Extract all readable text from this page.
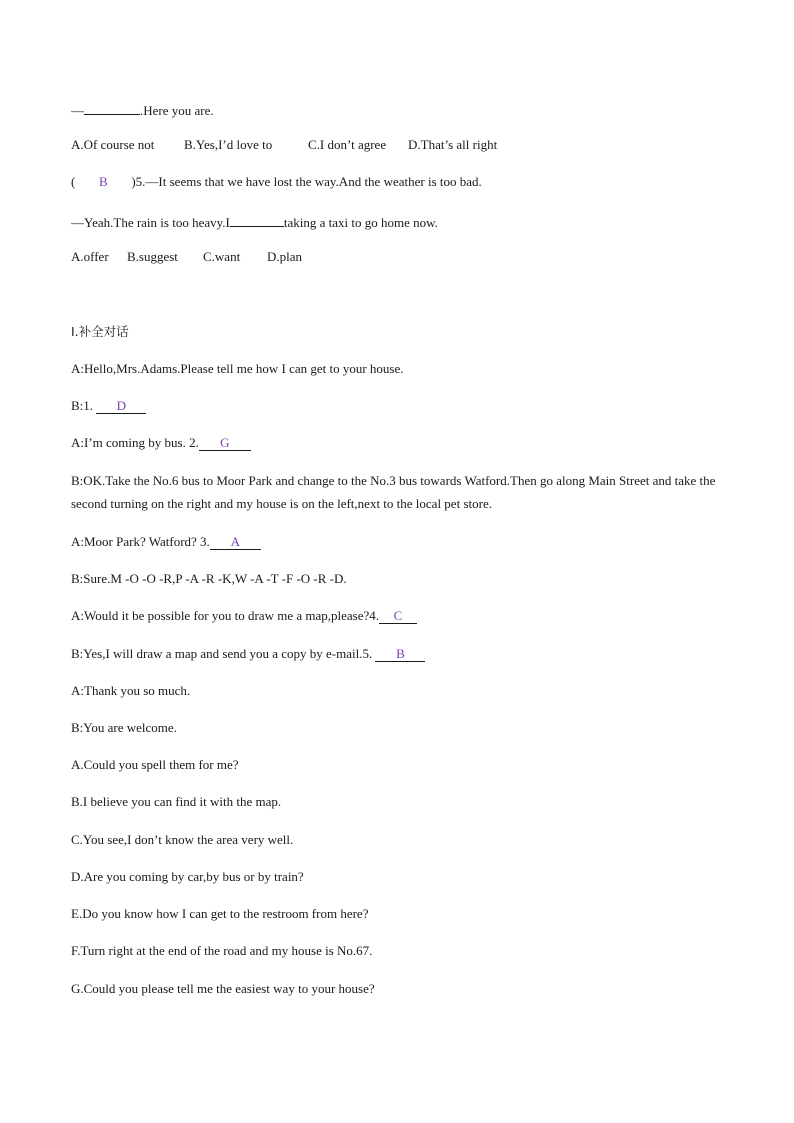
—	.Here you are.
A.Of course not B.Yes,I’d love to	C.I don’t agree D.That’s all right
( B )5.—It seems that we have lost the way.And the weather is too bad.
—Yeah.The rain is too heavy.I	taking a taxi to go home now.
A.offer B.suggest C.want D.plan
Ⅰ.补全对话
A:Hello,Mrs.Adams.Please tell me how I can get to your house.
B:1. D
A:I’m coming by bus. 2. G
B:OK.Take the No.6 bus to Moor Park and change to the No.3 bus towards Watford.Then go along Main Street and take the second turning on the right and my house is on the left,next to the local pet store.
A:Moor Park? Watford? 3. A
B:Sure.M -O -O -R,P -A -R -K,W -A -T -F -O -R -D.
A:Would it be possible for you to draw me a map,please?4. C
B:Yes,I will draw a map and send you a copy by e-mail.5. B
A:Thank you so much.
B:You are welcome.
A.Could you spell them for me?
B.I believe you can find it with the map.
C.You see,I don’t know the area very well.
D.Are you coming by car,by bus or by train?
E.Do you know how I can get to the restroom from here?
F.Turn right at the end of the road and my house is No.67.
G.Could you please tell me the easiest way to your house?
